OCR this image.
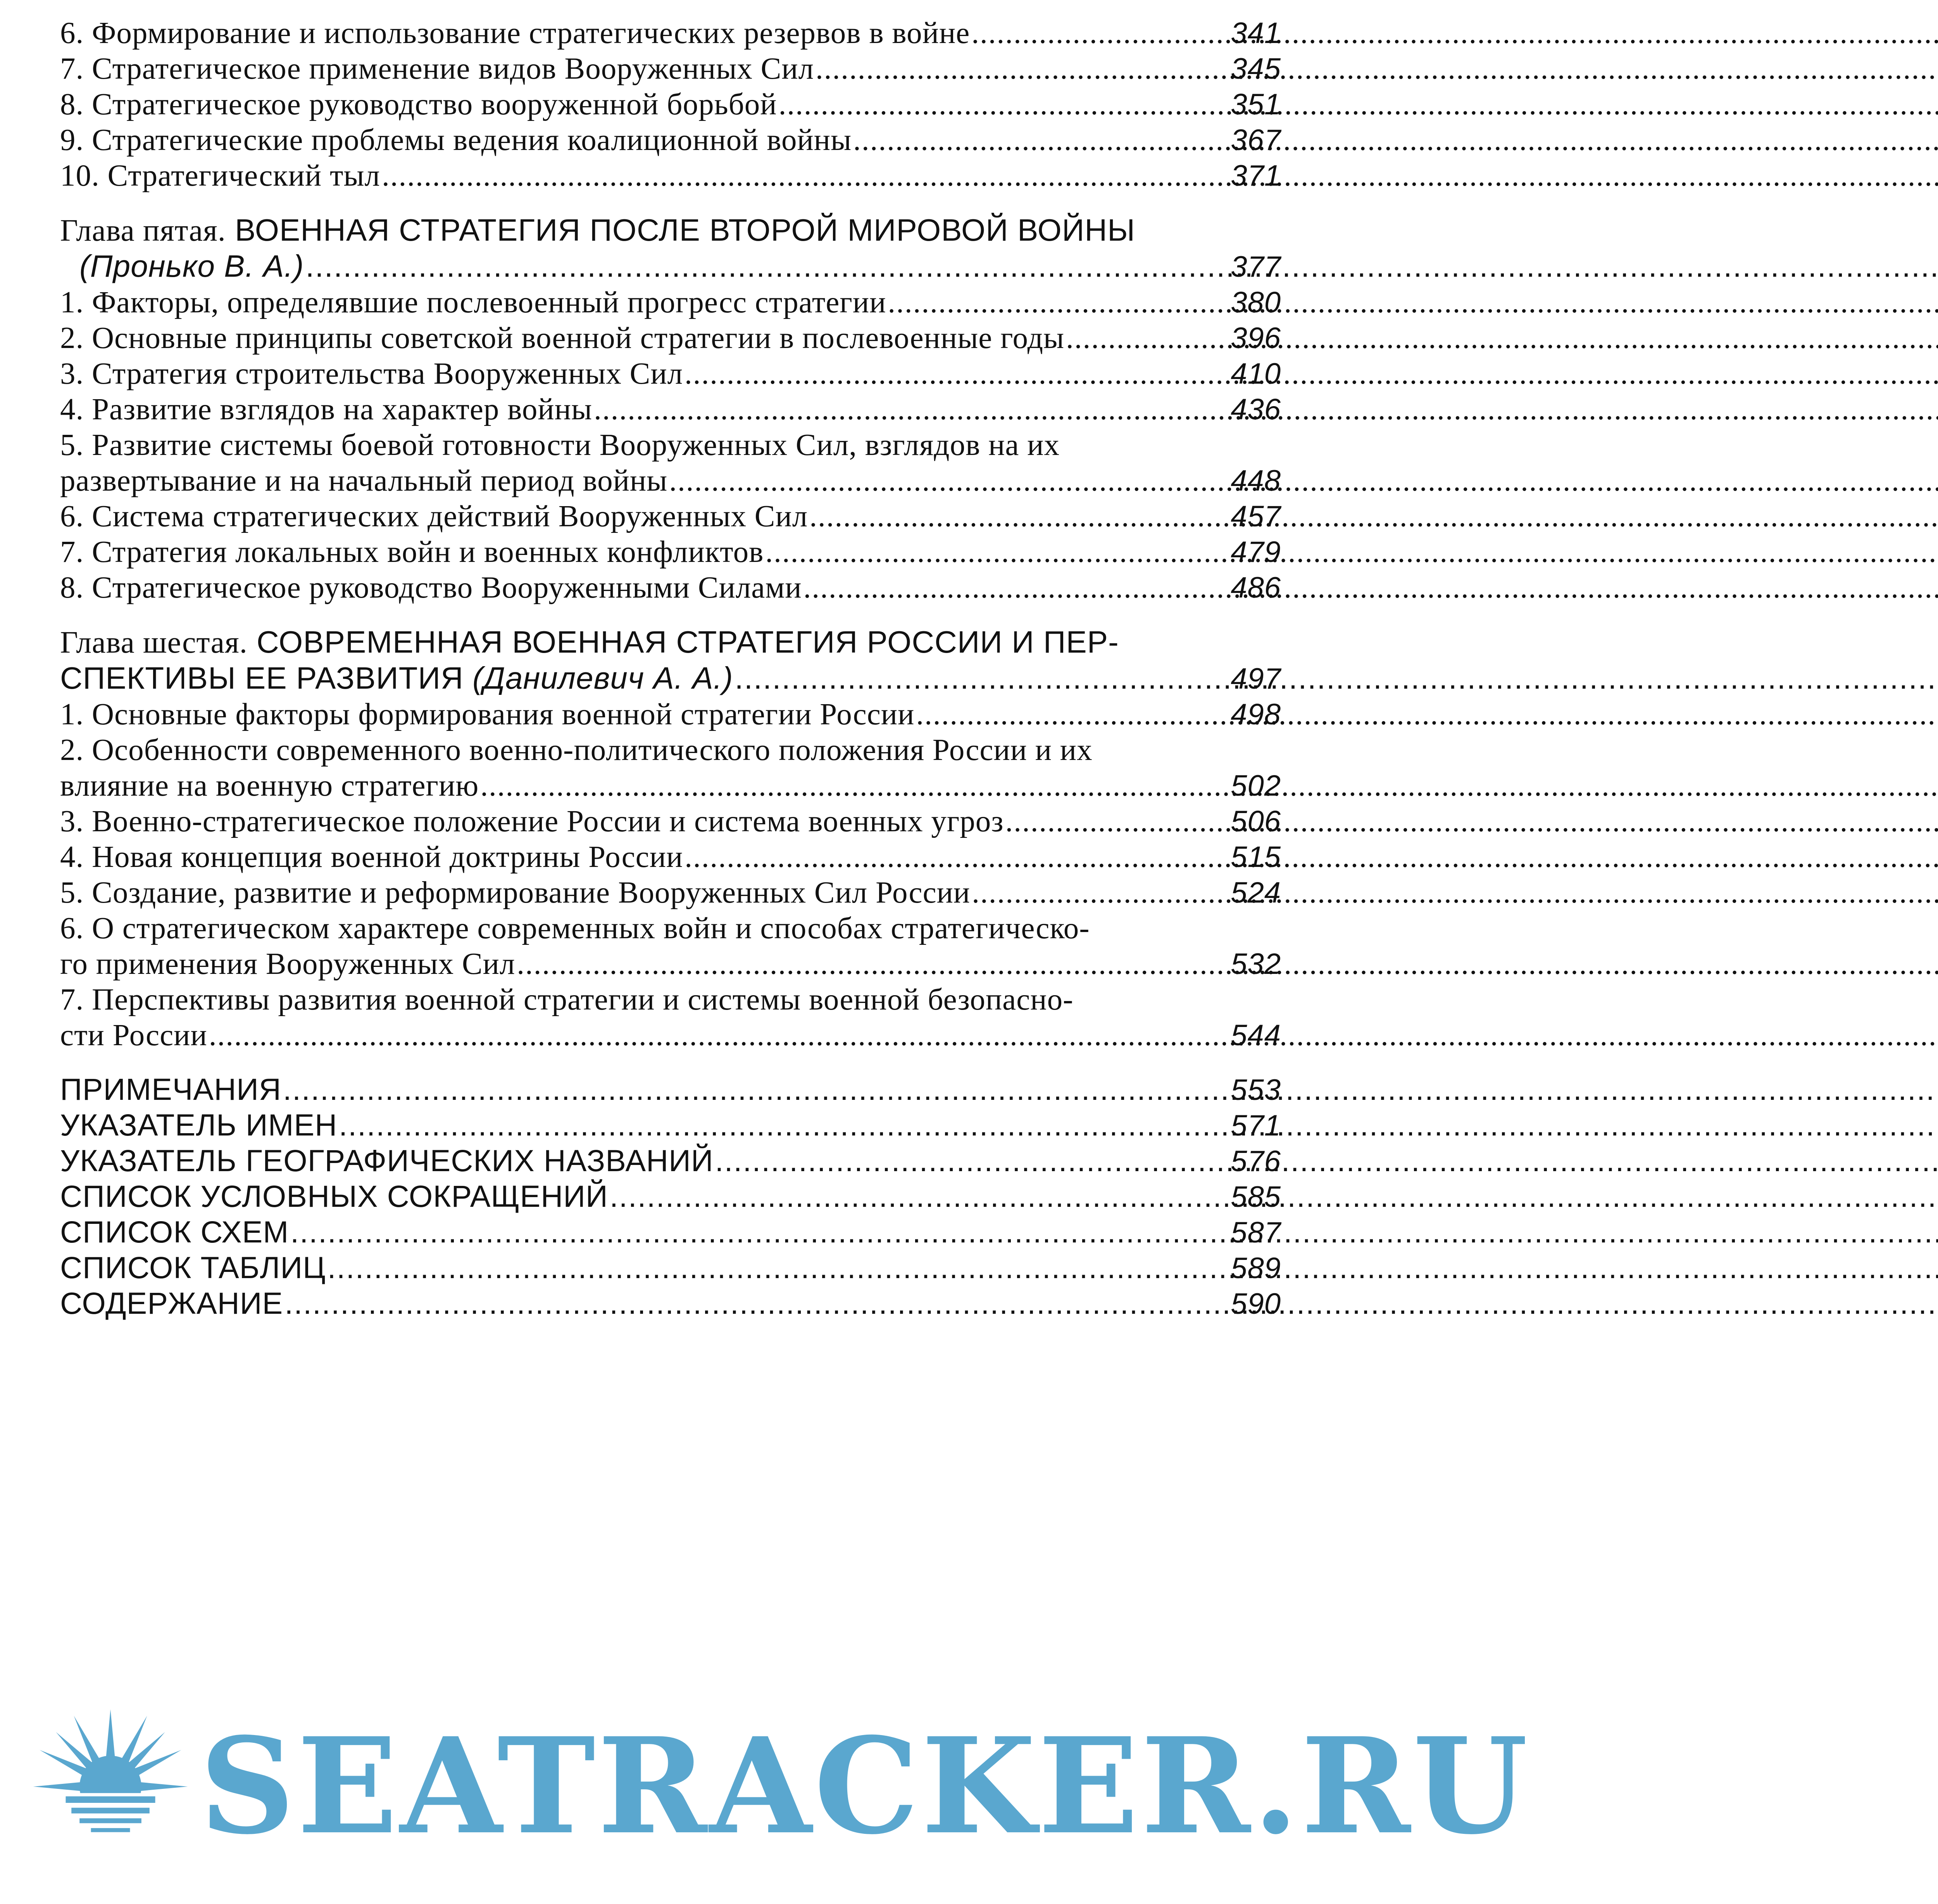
6. Формирование и использование стратегических резервов в войне .....	341
7. Стратегическое применение видов Вооруженных Сил .....	345
8. Стратегическое руководство вооруженной борьбой .....	351
9. Стратегические проблемы ведения коалиционной войны .....	367
10. Стратегический тыл .....	371
Глава пятая. ВОЕННАЯ СТРАТЕГИЯ ПОСЛЕ ВТОРОЙ МИРОВОЙ ВОЙНЫ
(Пронько В. А.) .....	377
1. Факторы, определявшие послевоенный прогресс стратегии .....	380
2. Основные принципы советской военной стратегии в послевоенные годы .....	396
3. Стратегия строительства Вооруженных Сил .....	410
4. Развитие взглядов на характер войны .....	436
5. Развитие системы боевой готовности Вооруженных Сил, взглядов на их
развертывание и на начальный период войны .....	448
6. Система стратегических действий Вооруженных Сил .....	457
7. Стратегия локальных войн и военных конфликтов .....	479
8. Стратегическое руководство Вооруженными Силами .....	486
Глава шестая. СОВРЕМЕННАЯ ВОЕННАЯ СТРАТЕГИЯ РОССИИ И ПЕР-
СПЕКТИВЫ ЕЕ РАЗВИТИЯ (Данилевич А. А.) .....	497
1. Основные факторы формирования военной стратегии России .....	498
2. Особенности современного военно-политического положения России и их
влияние на военную стратегию .....	502
3. Военно-стратегическое положение России и система военных угроз .....	506
4. Новая концепция военной доктрины России .....	515
5. Создание, развитие и реформирование Вооруженных Сил России .....	524
6. О стратегическом характере современных войн и способах стратегическо-
го применения Вооруженных Сил .....	532
7. Перспективы развития военной стратегии и системы военной безопасно-
сти России .....	544
ПРИМЕЧАНИЯ .....	553
УКАЗАТЕЛЬ ИМЕН .....	571
УКАЗАТЕЛЬ ГЕОГРАФИЧЕСКИХ НАЗВАНИЙ .....	576
СПИСОК УСЛОВНЫХ СОКРАЩЕНИЙ .....	585
СПИСОК СХЕМ .....	587
СПИСОК ТАБЛИЦ .....	589
СОДЕРЖАНИЕ .....	590
SEATRACKER.RU
